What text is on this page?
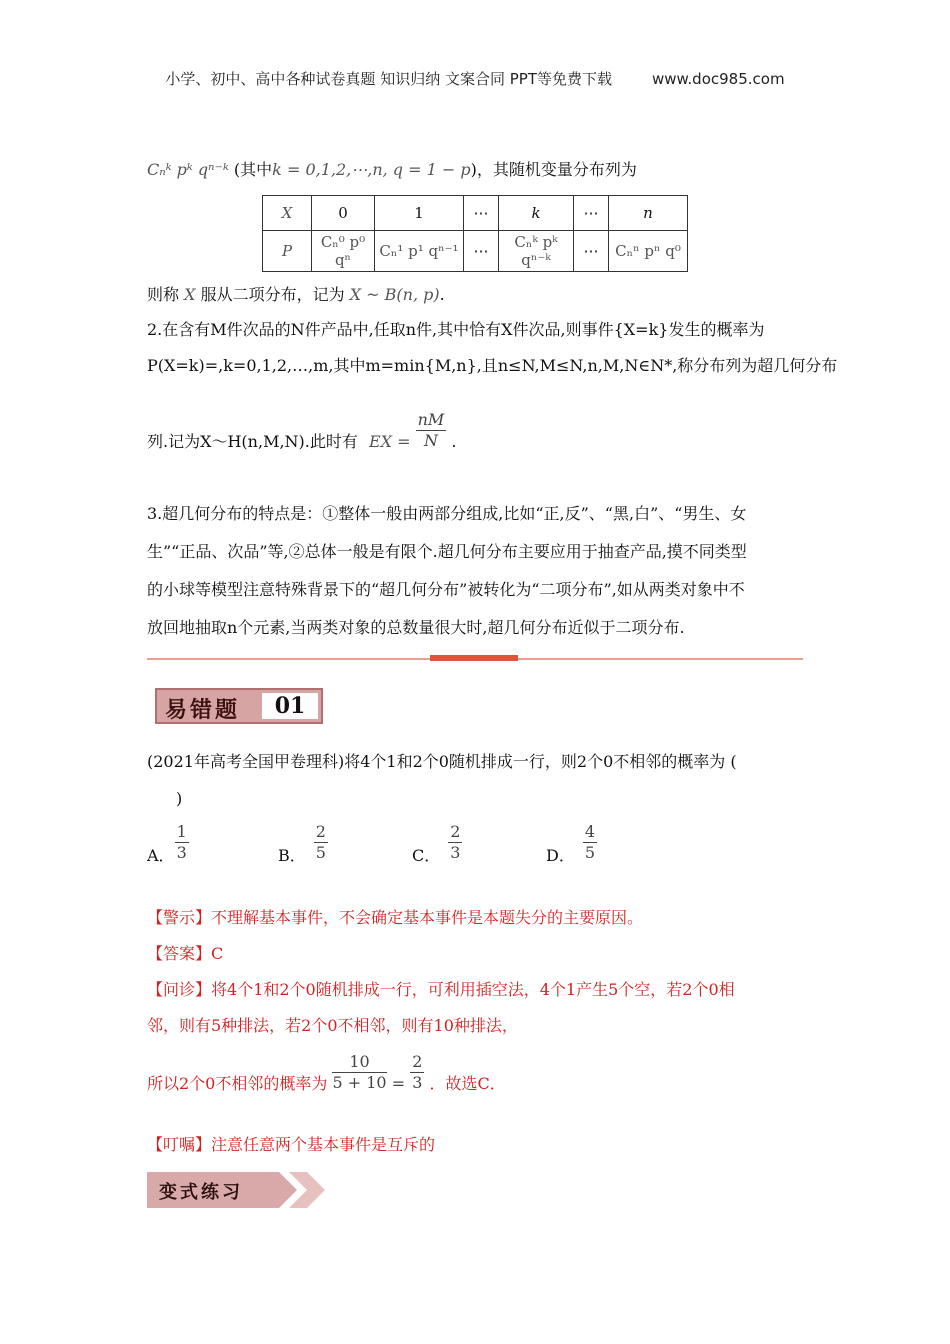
小学、初中、高中各种试卷真题 知识归纳 文案合同 PPT等免费下载	www.doc985.com
Cₙᵏ pᵏ qⁿ⁻ᵏ (其中k = 0,1,2,⋯,n, q = 1 − p)，其随机变量分布列为
X	0	1	⋯	k	⋯	n
P	Cₙ⁰ p⁰ qⁿ	Cₙ¹ p¹ qⁿ⁻¹	⋯	Cₙᵏ pᵏ qⁿ⁻ᵏ	⋯	Cₙⁿ pⁿ q⁰
则称 X 服从二项分布，记为 X ~ B(n, p).
2.在含有M件次品的N件产品中,任取n件,其中恰有X件次品,则事件{X=k}发生的概率为
P(X=k)=,k=0,1,2,…,m,其中m=min{M,n},且n≤N,M≤N,n,M,N∈N*,称分布列为超几何分布
列.记为X～H(n,M,N).此时有 EX = $\frac{nM}{N}$ .
3.超几何分布的特点是：①整体一般由两部分组成,比如“正,反”、“黑,白”、“男生、女
生”“正品、次品”等,②总体一般是有限个.超几何分布主要应用于抽查产品,摸不同类型
的小球等模型注意特殊背景下的“超几何分布”被转化为“二项分布”,如从两类对象中不
放回地抽取n个元素,当两类对象的总数量很大时,超几何分布近似于二项分布.
易错题	01
(2021年高考全国甲卷理科)将4个1和2个0随机排成一行，则2个0不相邻的概率为 (
)
A． $\frac{1}{3}$	B． $\frac{2}{5}$	C． $\frac{2}{3}$	D． $\frac{4}{5}$
【警示】不理解基本事件，不会确定基本事件是本题失分的主要原因。
【答案】C
【问诊】将4个1和2个0随机排成一行，可利用插空法，4个1产生5个空，若2个0相
邻，则有5种排法，若2个0不相邻，则有10种排法，
所以2个0不相邻的概率为 $\frac{10}{5 + 10} = \frac{2}{3}$ ．故选C．
【叮嘱】注意任意两个基本事件是互斥的
变式练习
